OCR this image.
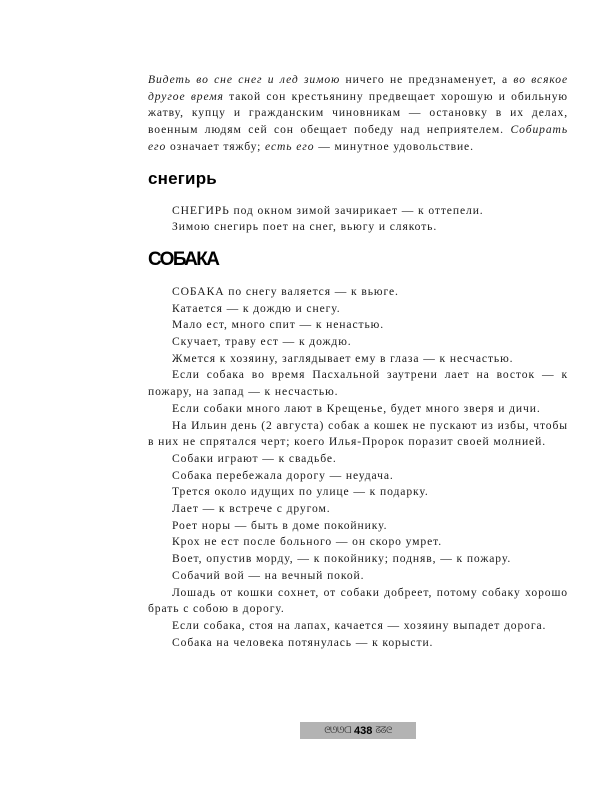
Видеть во сне снег и лед зимою ничего не предзнаменует, а во всякое другое время такой сон крестьянину предвещает хорошую и обильную жатву, купцу и гражданским чиновникам — остановку в их делах, военным людям сей сон обещает победу над неприятелем. Собирать его означает тяжбу; есть его — минутное удовольствие.

снегирь

СНЕГИРЬ под окном зимой зачирикает — к оттепели.

Зимою снегирь поет на снег, вьюгу и слякоть.

СОБАКА

СОБАКА по снегу валяется — к вьюге.

Катается — к дождю и снегу.

Мало ест, много спит — к ненастью.

Скучает, траву ест — к дождю.

Жмется к хозяину, заглядывает ему в глаза — к несчастью.

Если собака во время Пасхальной заутрени лает на восток — к пожару, на запад — к несчастью.

Если собаки много лают в Крещенье, будет много зверя и дичи.

На Ильин день (2 августа) собак а кошек не пускают из избы, чтобы в них не спрятался черт; коего Илья-Пророк поразит своей молнией.

Собаки играют — к свадьбе.

Собака перебежала дорогу — неудача.

Трется около идущих по улице — к подарку.

Лает — к встрече с другом.

Роет норы — быть в доме покойнику.

Крох не ест после больного — он скоро умрет.

Воет, опустив морду, — к покойнику; подняв, — к пожару.

Собачий вой — на вечный покой.

Лошадь от кошки сохнет, от собаки добреет, потому собаку хорошо брать с собою в дорогу.

Если собака, стоя на лапах, качается — хозяину выпадет дорога.

Собака на человека потянулась — к корысти.

ᘓᘎᘎᗡ 438 ᘔᘔᘓ
